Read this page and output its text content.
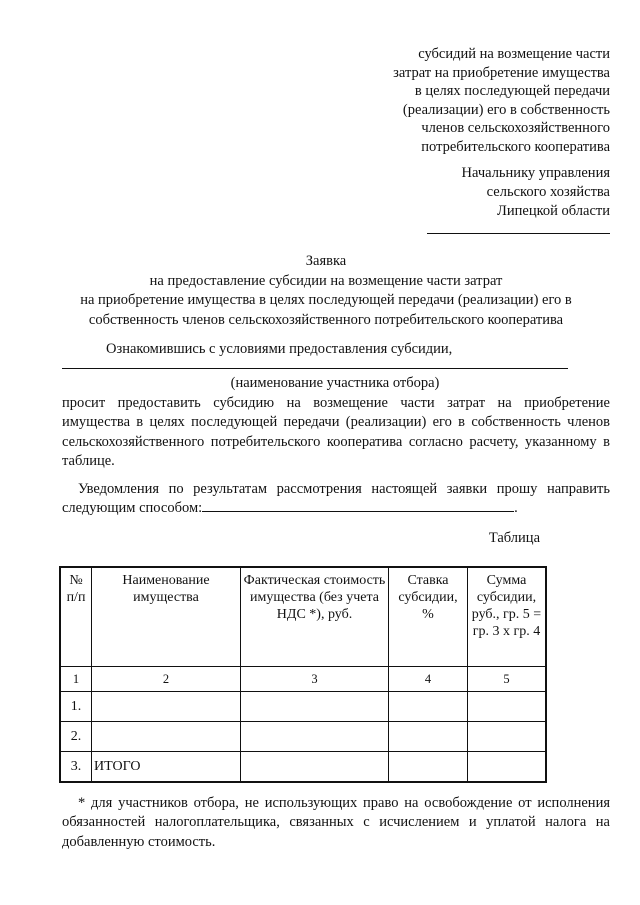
субсидий на возмещение части
затрат на приобретение имущества
в целях последующей передачи
(реализации) его в собственность
членов сельскохозяйственного
потребительского кооператива
Начальнику управления
сельского хозяйства
Липецкой области
Заявка
на предоставление субсидии на возмещение части затрат
на приобретение имущества в целях последующей передачи (реализации) его в
собственность членов сельскохозяйственного потребительского кооператива
Ознакомившись с условиями предоставления субсидии,
(наименование участника отбора)
просит предоставить субсидию на возмещение части затрат на приобретение имущества в целях последующей передачи (реализации) его в собственность членов сельскохозяйственного потребительского кооператива согласно расчету, указанному в таблице.
Уведомления по результатам рассмотрения настоящей заявки прошу направить следующим способом:	.
Таблица
№ п/п	Наименование имущества	Фактическая стоимость имущества (без учета НДС *), руб.	Ставка субсидии, %	Сумма субсидии, руб., гр. 5 = гр. 3 х гр. 4
1	2	3	4	5
1.				
2.				
3.	ИТОГО			
* для участников отбора, не использующих право на освобождение от исполнения обязанностей налогоплательщика, связанных с исчислением и уплатой налога на добавленную стоимость.
